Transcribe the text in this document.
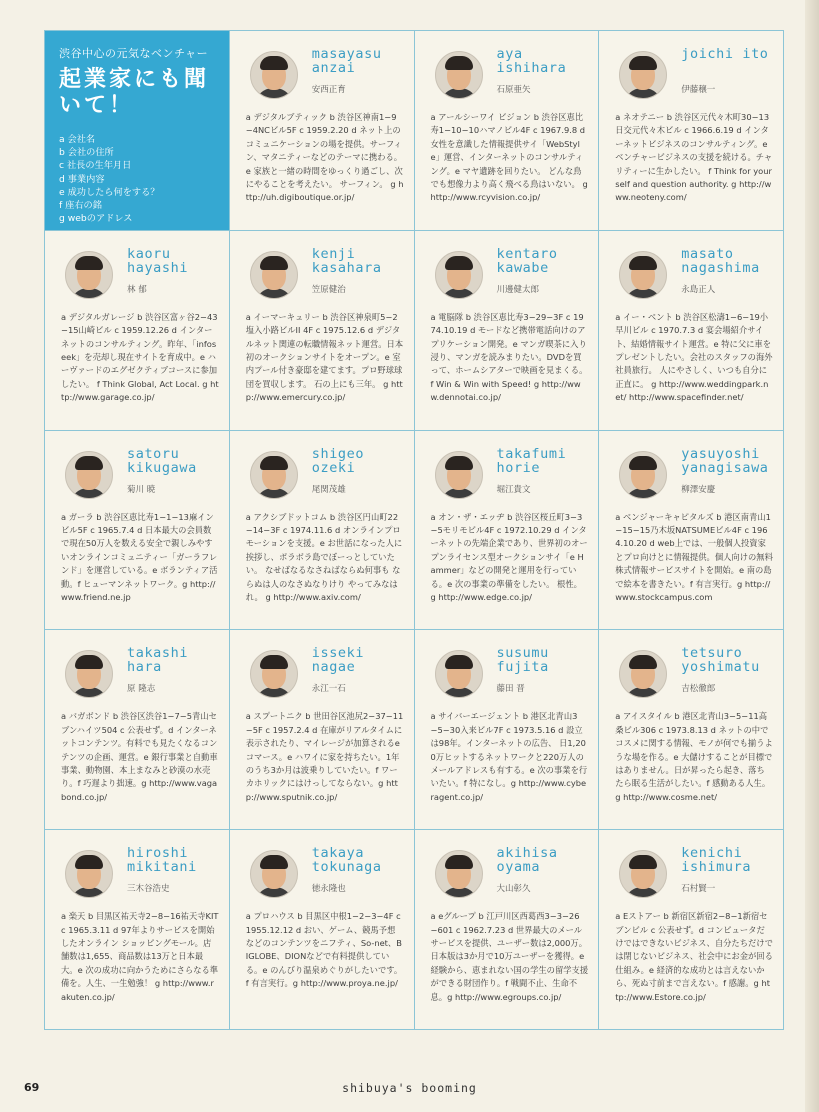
渋谷中心の元気なベンチャー
起業家にも聞いて！
a 会社名
b 会社の住所
c 社長の生年月日
d 事業内容
e 成功したら何をする？
f 座右の銘
g webのアドレス
masayasu anzai
安西正育
a デジタルブティック b 渋谷区神南1−9−4NCビル5F c 1959.2.20 d ネット上のコミュニケーションの場を提供。サーフィン、マタニティーなどのテーマに携わる。e 家族と一緒の時間をゆっくり過ごし、次にやることを考えたい。 サーフィン。 g http://uh.digiboutique.or.jp/
aya ishihara
石原亜矢
a アールシーワイ ビジョン b 渋谷区恵比寿1−10−10ハマノビル4F c 1967.9.8 d 女性を意識した情報提供サイ「WebStyle」運営、インターネットのコンサルティング。e マヤ遺跡を回りたい。 どんな鳥でも想像力より高く飛べる鳥はいない。 g http://www.rcyvision.co.jp/
joichi ito
伊藤穣一
a ネオテニー b 渋谷区元代々木町30−13日交元代々木ビル c 1966.6.19 d インターネットビジネスのコンサルティング。e ベンチャービジネスの支援を続ける。チャリティーに生かしたい。 f Think for yourself and question authority. g http://www.neoteny.com/
kaoru hayashi
林 郁
a デジタルガレージ b 渋谷区富ヶ谷2−43−15山崎ビル c 1959.12.26 d インターネットのコンサルティング。昨年、「infoseek」を売却し現在サイトを育成中。e ハーヴァードのエグゼクティブコースに参加したい。 f Think Global, Act Local. g http://www.garage.co.jp/
kenji kasahara
笠原健治
a イーマーキュリー b 渋谷区神泉町5−2塩入小路ビルII 4F c 1975.12.6 d デジタルネット関連の転職情報ネット運営。日本初のオークションサイトをオープン。e 室内プール付き豪邸を建てます。プロ野球球団を買収します。 石の上にも三年。 g http://www.emercury.co.jp/
kentaro kawabe
川邊健太郎
a 電脳隊 b 渋谷区恵比寿3−29−3F c 1974.10.19 d モードなど携帯電話向けのアプリケーション開発。e マンガ喫茶に入り浸り、マンガを読みまりたい。DVDを買って、ホームシアターで映画を見まくる。f Win & Win with Speed! g http://www.dennotai.co.jp/
masato nagashima
永島正人
a イー・ベント b 渋谷区松濤1−6−19小早川ビル c 1970.7.3 d 宴会場紹介サイト、結婚情報サイト運営。e 特に父に車をプレゼントしたい。会社のスタッフの海外社員旅行。 人にやさしく、いつも自分に正直に。 g http://www.weddingpark.net/ http://www.spacefinder.net/
satoru kikugawa
菊川 暁
a ガーラ b 渋谷区恵比寿1−1−13麻インビル5F c 1965.7.4 d 日本最大の会員数で現在50万人を数える安全で親しみやすいオンラインコミュニティー「ガーラフレンド」を運営している。e ボランティア活動。f ヒューマンネットワーク。g http://www.friend.ne.jp
shigeo ozeki
尾関茂雄
a アクシブドットコム b 渋谷区円山町22−14−3F c 1974.11.6 d オンラインプロモーションを支援。e お世話になった人に挨拶し、ポラボラ島でぼーっとしていたい。 なせばなるなさねばならぬ何事も ならぬは人のなさぬなりけり やってみなはれ。 g http://www.axiv.com/
takafumi horie
堀江貴文
a オン・ザ・エッヂ b 渋谷区桜丘町3−3−5モリモビル4F c 1972.10.29 d インターネットの先端企業であり、世界初のオープンライセンス型オークションサイ「e Hammer」などの開発と運用を行っている。e 次の事業の準備をしたい。 根性。 g http://www.edge.co.jp/
yasuyoshi yanagisawa
柳澤安慶
a ベンジャーキャピタルズ b 港区南青山1−15−15乃木坂NATSUMEビル4F c 1964.10.20 d web上では、一般個人投資家とプロ向けとに情報提供。個人向けの無料株式情報サービスサイトを開始。e 南の島で絵本を書きたい。f 有言実行。g http://www.stockcampus.com
takashi hara
原 隆志
a バガボンド b 渋谷区渋谷1−7−5青山セブンハイツ504 c 公表せず。d インターネットコンテンツ。有料でも見たくなるコンテンツの企画、運営。e 銀行事業と自動車事業、動物園、本上まなみと砂漠の水売り。f 巧遅より拙速。g http://www.vagabond.co.jp/
isseki nagae
永江一石
a スプートニク b 世田谷区池尻2−37−11−5F c 1957.2.4 d 在庫がリアルタイムに表示されたり、マイレージが加算されるeコマース。e ハワイに家を持ちたい。1年のうち3か月は波乗りしていたい。f ワーカホリックにはけっしてならない。g http://www.sputnik.co.jp/
susumu fujita
藤田 晋
a サイバーエージェント b 港区北青山3−5−30入来ビル7F c 1973.5.16 d 設立は98年。インターネットの広告、 日1,200万ヒットするネットワークと220万人のメールアドレスも有する。e 次の事業を行いたい。f 特になし。g http://www.cyberagent.co.jp/
tetsuro yoshimatu
吉松徹郎
a アイスタイル b 港区北青山3−5−11高桑ビル306 c 1973.8.13 d ネットの中でコスメに関する情報、モノが何でも揃うような場を作る。e 大儲けすることが目標ではありません。日が昇ったら起き、落ちたら眠る生活がしたい。f 感動ある人生。g http://www.cosme.net/
hiroshi mikitani
三木谷浩史
a 楽天 b 目黒区祐天寺2−8−16祐天寺KIT c 1965.3.11 d 97年よりサービスを開始したオンライン ショッピングモール。店舗数は1,655、商品数は13万と日本最大。e 次の成功に向かうためにさらなる準備を。人生、一生勉強！ g http://www.rakuten.co.jp/
takaya tokunaga
徳永隆也
a プロハウス b 目黒区中根1−2−3−4F c 1955.12.12 d おい、ゲーム、競馬予想などのコンテンツをニフティ、So-net、BIGLOBE、DIONなどで有料提供している。e のんびり温泉めぐりがしたいです。f 有言実行。g http://www.proya.ne.jp/
akihisa oyama
大山彰久
a eグループ b 江戸川区西葛西3−3−26−601 c 1962.7.23 d 世界最大のメールサービスを提供、ユーザー数は2,000万。日本版は3か月で10万ユーザーを獲得。e 経験から、恵まれない国の学生の留学支援ができる財団作り。f 戦闘不止、生命不息。g http://www.egroups.co.jp/
kenichi ishimura
石村賢一
a Eストアー b 新宿区新宿2−8−1新宿セブンビル c 公表せず。d コンピュータだけではできないビジネス、自分たちだけでは閉じないビジネス、社会中にお金が回る仕組み。e 経済的な成功とは言えないから、死ぬ寸前まで言えない。f 感謝。g http://www.Estore.co.jp/
69	shibuya's booming
